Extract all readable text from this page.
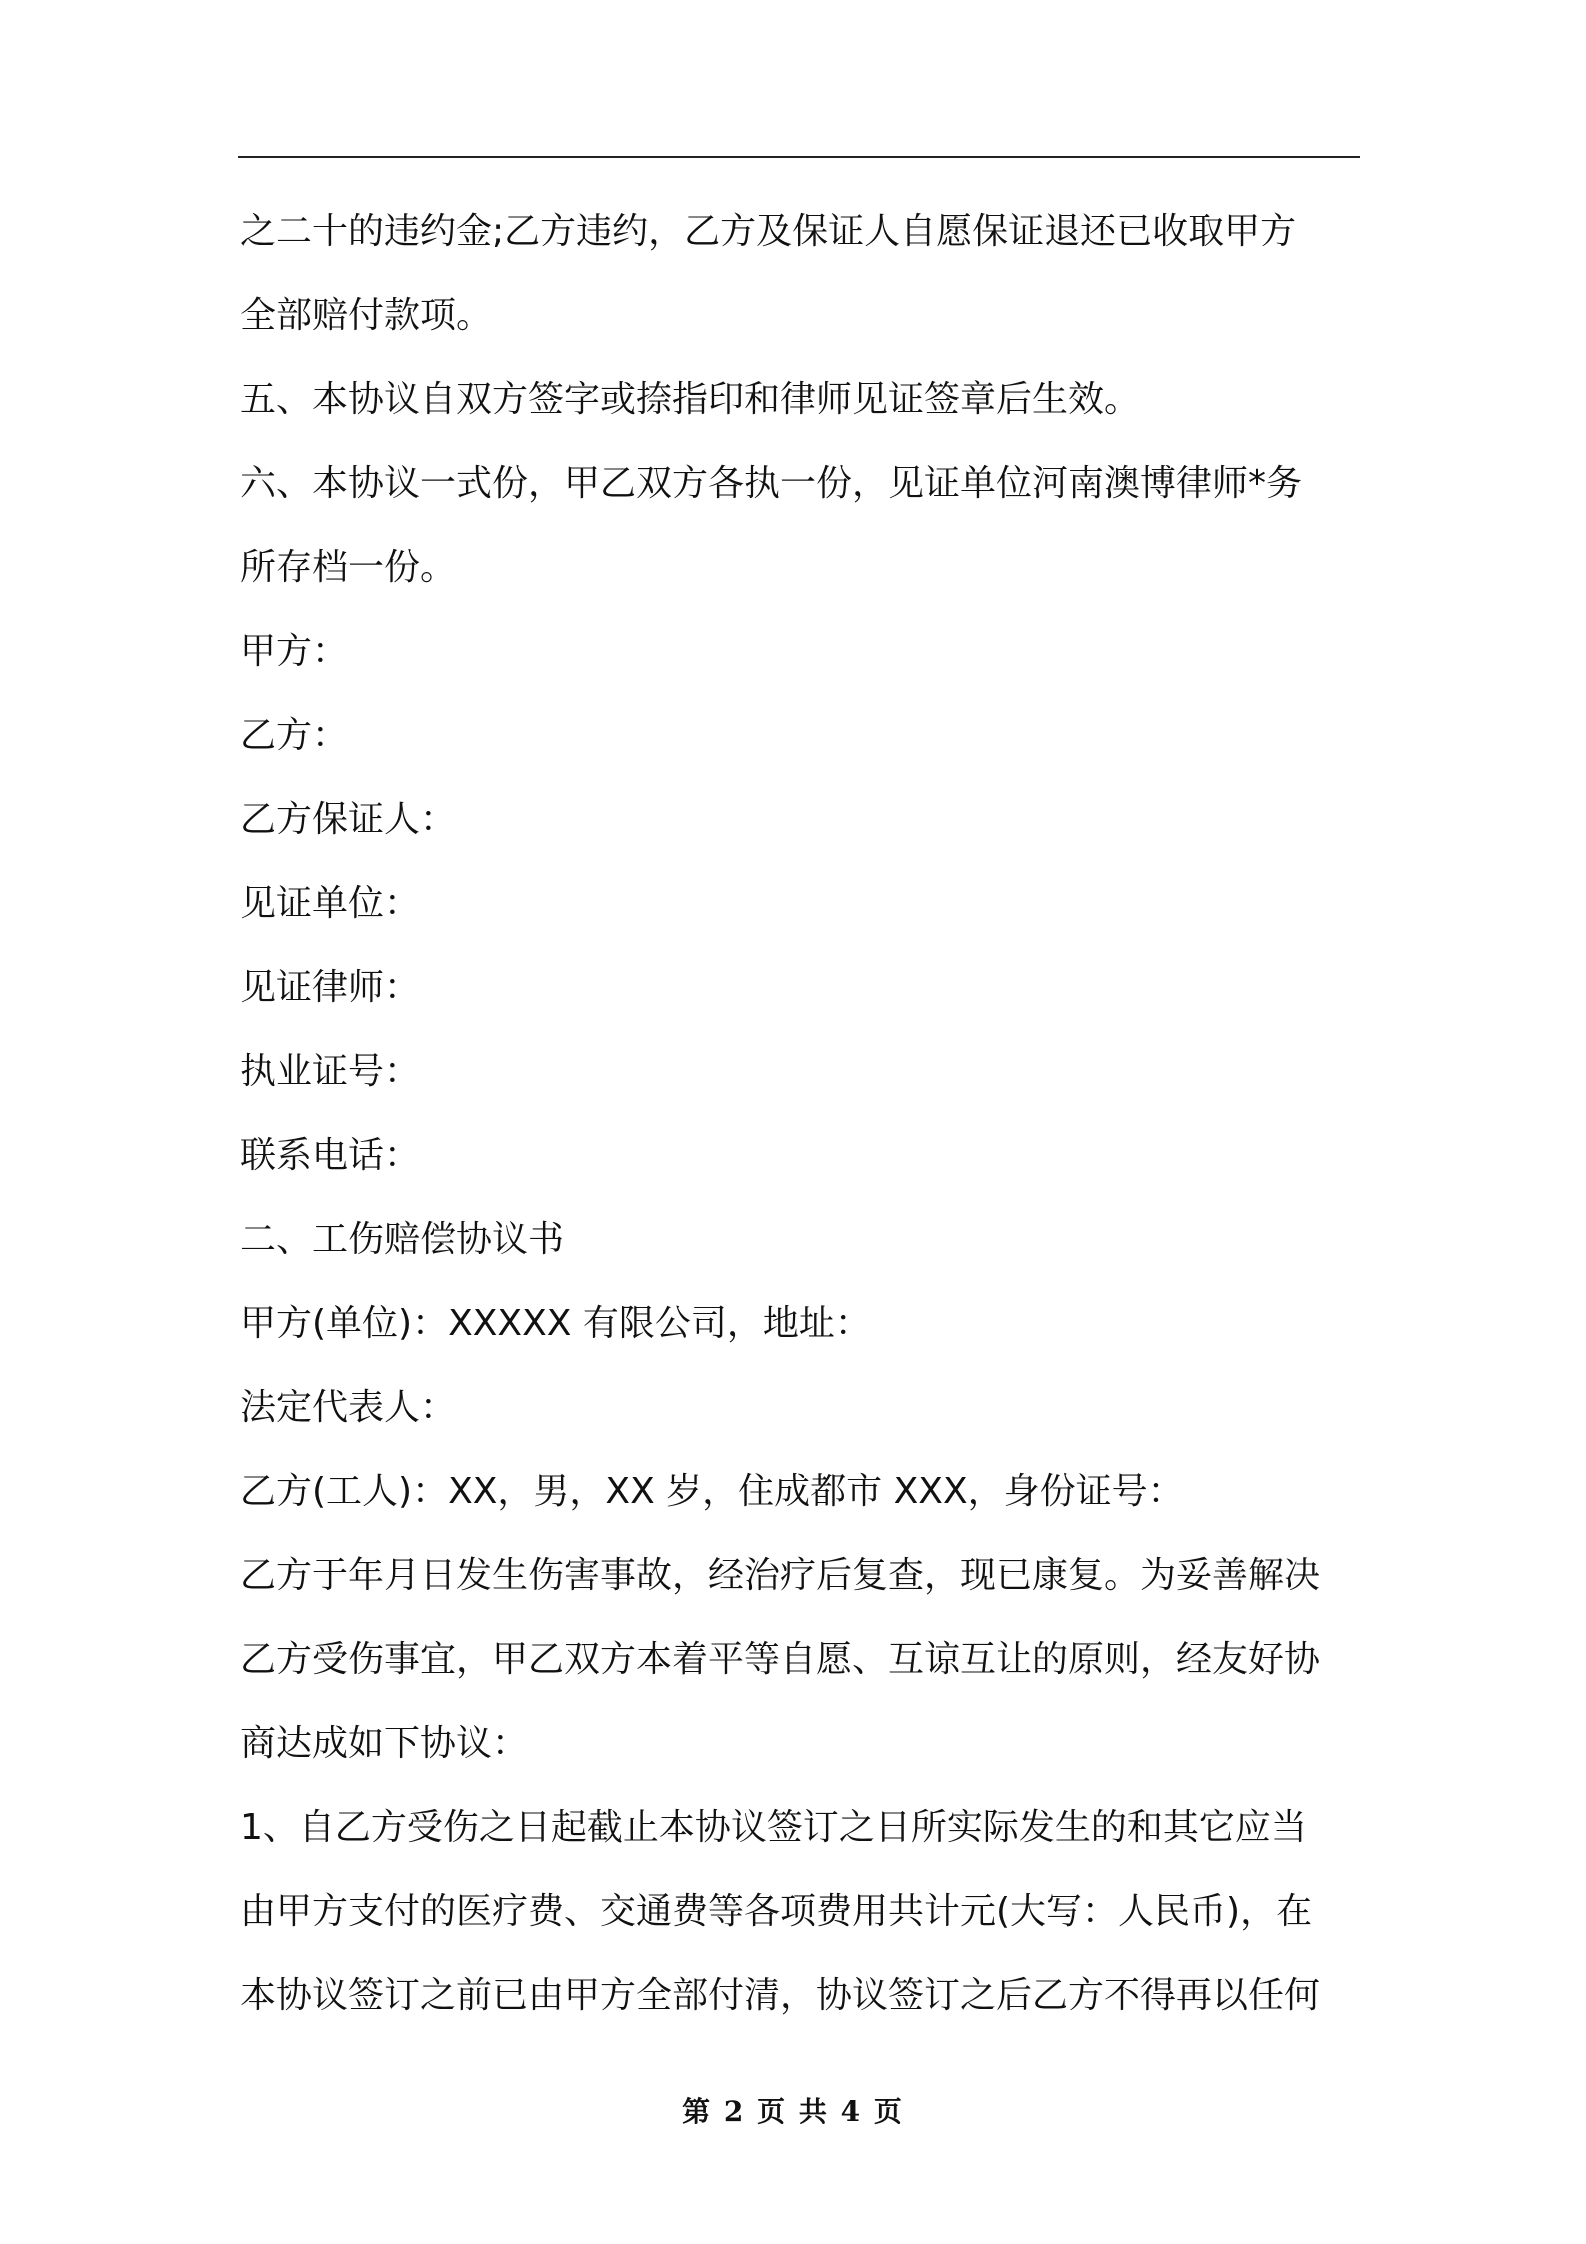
之二十的违约金;乙方违约，乙方及保证人自愿保证退还已收取甲方
全部赔付款项。
五、本协议自双方签字或捺指印和律师见证签章后生效。
六、本协议一式份，甲乙双方各执一份，见证单位河南澳博律师*务
所存档一份。
甲方：
乙方：
乙方保证人：
见证单位：
见证律师：
执业证号：
联系电话：
二、工伤赔偿协议书
甲方(单位)：XXXXX 有限公司，地址：
法定代表人：
乙方(工人)：XX，男，XX 岁，住成都市 XXX，身份证号：
乙方于年月日发生伤害事故，经治疗后复查，现已康复。为妥善解决
乙方受伤事宜，甲乙双方本着平等自愿、互谅互让的原则，经友好协
商达成如下协议：
1、自乙方受伤之日起截止本协议签订之日所实际发生的和其它应当
由甲方支付的医疗费、交通费等各项费用共计元(大写：人民币)，在
本协议签订之前已由甲方全部付清，协议签订之后乙方不得再以任何
第 2 页 共 4 页
